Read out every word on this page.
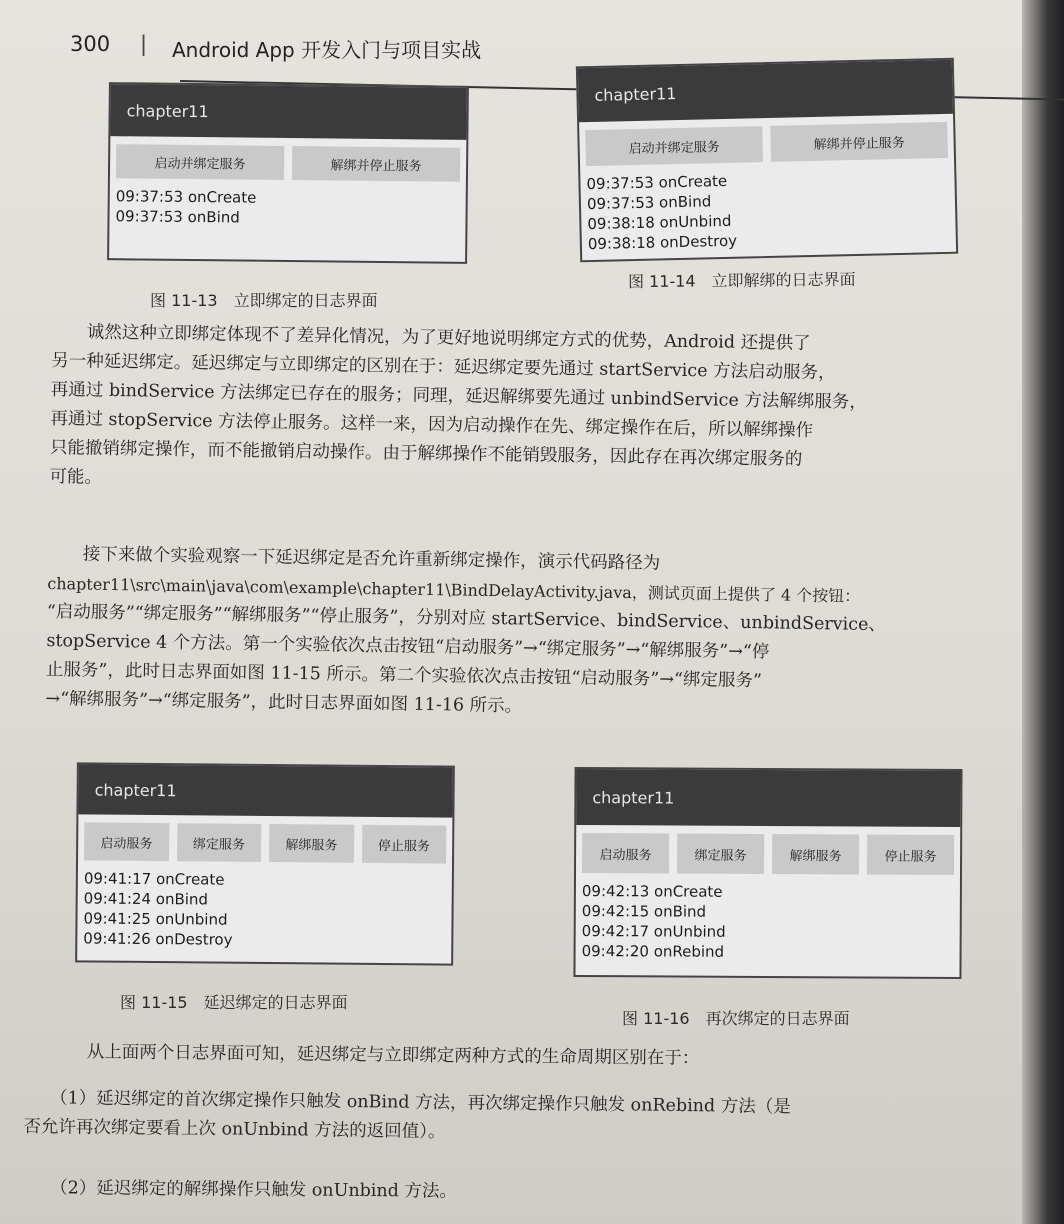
300 | Android App 开发入门与项目实战
chapter11
启动并绑定服务	解绑并停止服务
09:37:53 onCreate
09:37:53 onBind
图 11-13　立即绑定的日志界面
chapter11
启动并绑定服务	解绑并停止服务
09:37:53 onCreate
09:37:53 onBind
09:38:18 onUnbind
09:38:18 onDestroy
图 11-14　立即解绑的日志界面
　　诚然这种立即绑定体现不了差异化情况，为了更好地说明绑定方式的优势，Android 还提供了
另一种延迟绑定。延迟绑定与立即绑定的区别在于：延迟绑定要先通过 startService 方法启动服务，
再通过 bindService 方法绑定已存在的服务；同理，延迟解绑要先通过 unbindService 方法解绑服务，
再通过 stopService 方法停止服务。这样一来，因为启动操作在先、绑定操作在后，所以解绑操作
只能撤销绑定操作，而不能撤销启动操作。由于解绑操作不能销毁服务，因此存在再次绑定服务的
可能。
　　接下来做个实验观察一下延迟绑定是否允许重新绑定操作，演示代码路径为
chapter11\src\main\java\com\example\chapter11\BindDelayActivity.java，测试页面上提供了 4 个按钮：
“启动服务”“绑定服务”“解绑服务”“停止服务”，分别对应 startService、bindService、unbindService、
stopService 4 个方法。第一个实验依次点击按钮“启动服务”→“绑定服务”→“解绑服务”→“停
止服务”，此时日志界面如图 11-15 所示。第二个实验依次点击按钮“启动服务”→“绑定服务”
→“解绑服务”→“绑定服务”，此时日志界面如图 11-16 所示。
chapter11
启动服务	绑定服务	解绑服务	停止服务
09:41:17 onCreate
09:41:24 onBind
09:41:25 onUnbind
09:41:26 onDestroy
图 11-15　延迟绑定的日志界面
chapter11
启动服务	绑定服务	解绑服务	停止服务
09:42:13 onCreate
09:42:15 onBind
09:42:17 onUnbind
09:42:20 onRebind
图 11-16　再次绑定的日志界面
　　从上面两个日志界面可知，延迟绑定与立即绑定两种方式的生命周期区别在于：
　　（1）延迟绑定的首次绑定操作只触发 onBind 方法，再次绑定操作只触发 onRebind 方法（是
否允许再次绑定要看上次 onUnbind 方法的返回值）。
　　（2）延迟绑定的解绑操作只触发 onUnbind 方法。
